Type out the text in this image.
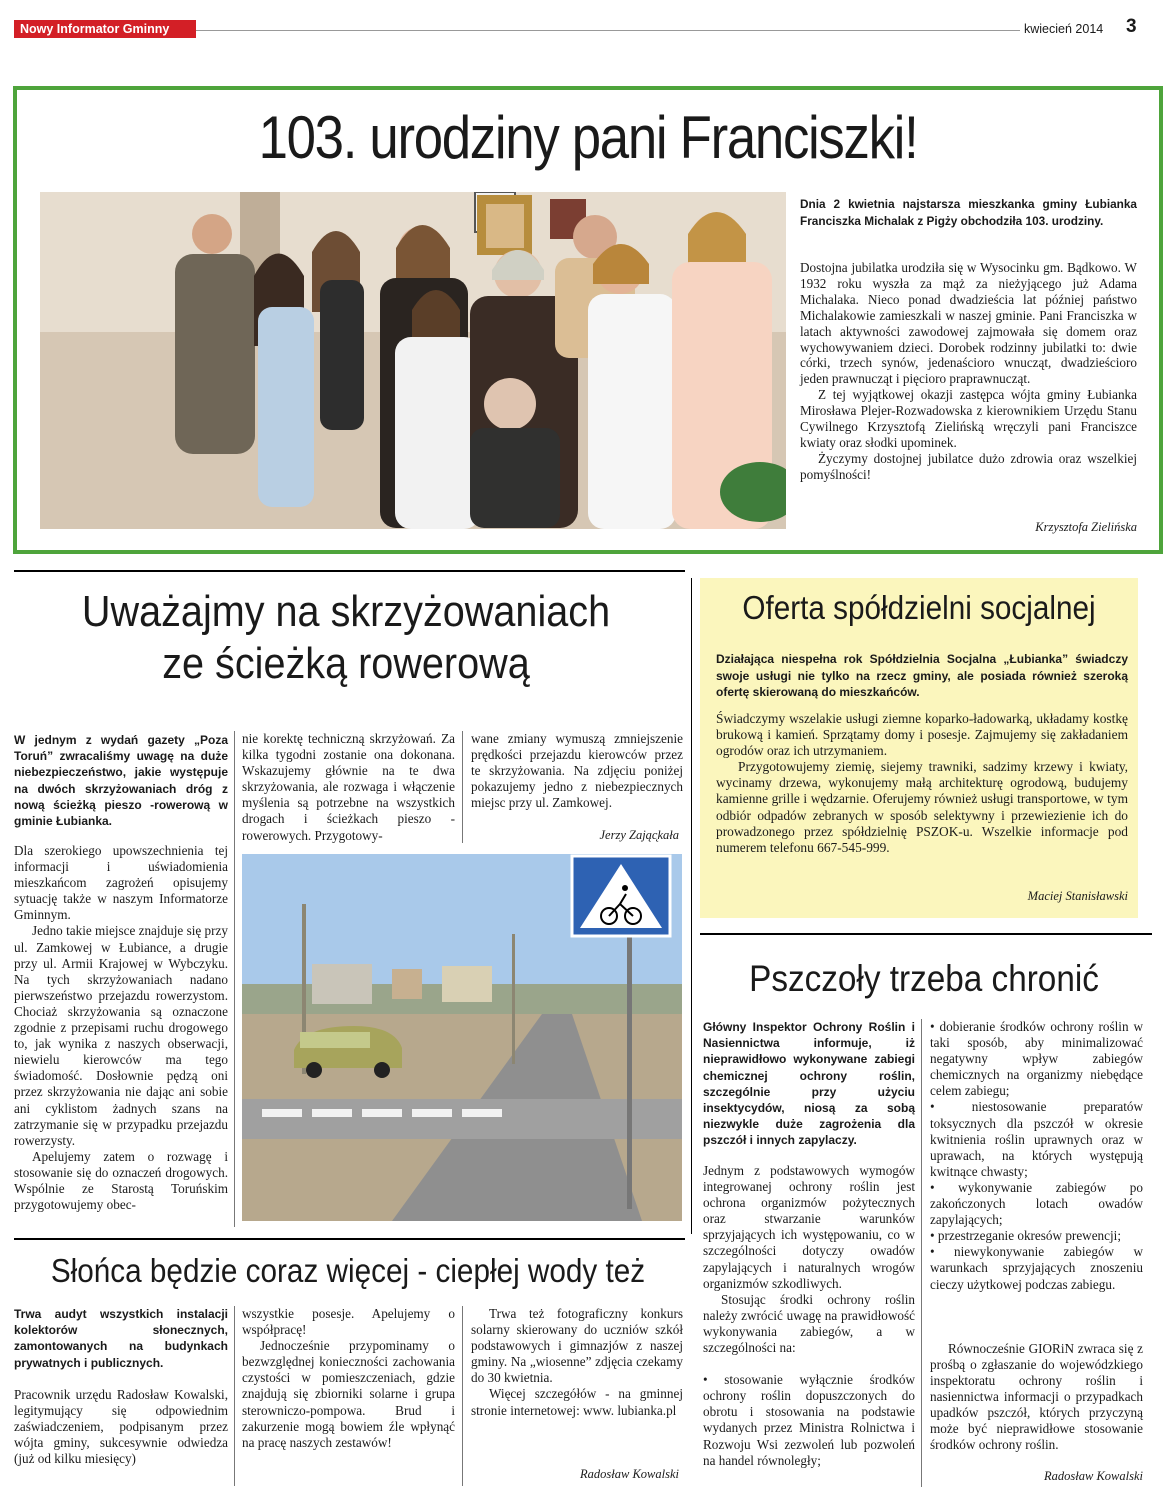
Nowy Informator Gminny	kwiecień 2014 3
103. urodziny pani Franciszki!
Dnia 2 kwietnia najstarsza mieszkanka gminy Łubianka Franciszka Michalak z Pigży obchodziła 103. urodziny.

Dostojna jubilatka urodziła się w Wysocinku gm. Bądkowo. W 1932 roku wyszła za mąż za nieżyjącego już Adama Michalaka. Nieco ponad dwadzieścia lat później państwo Michalakowie zamieszkali w naszej gminie. Pani Franciszka w latach aktywności zawodowej zajmowała się domem oraz wychowywaniem dzieci. Dorobek rodzinny jubilatki to: dwie córki, trzech synów, jedenaścioro wnucząt, dwadzieścioro jeden prawnucząt i pięcioro praprawnucząt.

Z tej wyjątkowej okazji zastępca wójta gminy Łubianka Mirosława Plejer-Rozwadowska z kierownikiem Urzędu Stanu Cywilnego Krzysztofą Zielińską wręczyli pani Franciszce kwiaty oraz słodki upominek.

Życzymy dostojnej jubilatce dużo zdrowia oraz wszelkiej pomyślności!

Krzysztofa Zielińska
Uważajmy na skrzyżowaniach
ze ścieżką rowerową
W jednym z wydań gazety „Poza Toruń” zwracaliśmy uwagę na duże niebezpieczeństwo, jakie występuje na dwóch skrzyżowaniach dróg z nową ścieżką pieszo -rowerową w gminie Łubianka.

Dla szerokiego upowszechnienia tej informacji i uświadomienia mieszkańcom zagrożeń opisujemy sytuację także w naszym Informatorze Gminnym.

Jedno takie miejsce znajduje się przy ul. Zamkowej w Łubiance, a drugie przy ul. Armii Krajowej w Wybczyku. Na tych skrzyżowaniach nadano pierwszeństwo przejazdu rowerzystom. Chociaż skrzyżowania są oznaczone zgodnie z przepisami ruchu drogowego to, jak wynika z naszych obserwacji, niewielu kierowców ma tego świadomość. Dosłownie pędzą oni przez skrzyżowania nie dając ani sobie ani cyklistom żadnych szans na zatrzymanie się w przypadku przejazdu rowerzysty.

Apelujemy zatem o rozwagę i stosowanie się do oznaczeń drogowych. Wspólnie ze Starostą Toruńskim przygotowujemy obec-

nie korektę techniczną skrzyżowań. Za kilka tygodni zostanie ona dokonana. Wskazujemy głównie na te dwa skrzyżowania, ale rozwaga i włączenie myślenia są potrzebne na wszystkich drogach i ścieżkach pieszo - rowerowych. Przygotowy-
wane zmiany wymuszą zmniejszenie prędkości przejazdu kierowców przez te skrzyżowania. Na zdjęciu poniżej pokazujemy jedno z niebezpiecznych miejsc przy ul. Zamkowej.
Jerzy Zając̨kała
Oferta spółdzielni socjalnej
Działająca niespełna rok Spółdzielnia Socjalna „Łubianka” świadczy swoje usługi nie tylko na rzecz gminy, ale posiada również szeroką ofertę skierowaną do mieszkańców.

Świadczymy wszelakie usługi ziemne koparko-ładowarką, układamy kostkę brukową i kamień. Sprzątamy domy i posesje. Zajmujemy się zakładaniem ogrodów oraz ich utrzymaniem.

Przygotowujemy ziemię, siejemy trawniki, sadzimy krzewy i kwiaty, wycinamy drzewa, wykonujemy małą architekturę ogrodową, budujemy kamienne grille i wędzarnie. Oferujemy również usługi transportowe, w tym odbiór odpadów zebranych w sposób selektywny i przewiezienie ich do prowadzonego przez spółdzielnię PSZOK-u. Wszelkie informacje pod numerem telefonu 667-545-999.

Maciej Stanisławski
Pszczoły trzeba chronić
Główny Inspektor Ochrony Roślin i Nasiennictwa informuje, iż nieprawidłowo wykonywane zabiegi chemicznej ochrony roślin, szczególnie przy użyciu insektycydów, niosą za sobą niezwykle duże zagrożenia dla pszczół i innych zapylaczy.

Jednym z podstawowych wymogów integrowanej ochrony roślin jest ochrona organizmów pożytecznych oraz stwarzanie warunków sprzyjających ich występowaniu, co w szczególności dotyczy owadów zapylających i naturalnych wrogów organizmów szkodliwych.

Stosując środki ochrony roślin należy zwrócić uwagę na prawidłowość wykonywania zabiegów, a w szczególności na:

• stosowanie wyłącznie środków ochrony roślin dopuszczonych do obrotu i stosowania na podstawie wydanych przez Ministra Rolnictwa i Rozwoju Wsi zezwoleń lub pozwoleń na handel równoległy;

• dobieranie środków ochrony roślin w taki sposób, aby minimalizować negatywny wpływ zabiegów chemicznych na organizmy niebędące celem zabiegu;

• niestosowanie preparatów toksycznych dla pszczół w okresie kwitnienia roślin uprawnych oraz w uprawach, na których występują kwitnące chwasty;

• wykonywanie zabiegów po zakończonych lotach owadów zapylających;

• przestrzeganie okresów prewencji;

• niewykonywanie zabiegów w warunkach sprzyjających znoszeniu cieczy użytkowej podczas zabiegu.

Równocześnie GIORiN zwraca się z prośbą o zgłaszanie do wojewódzkiego inspektoratu ochrony roślin i nasiennictwa informacji o przypadkach upadków pszczół, których przyczyną może być nieprawidłowe stosowanie środków ochrony roślin.

Radosław Kowalski
Słońca będzie coraz więcej - ciepłej wody też
Trwa audyt wszystkich instalacji kolektorów słonecznych, zamontowanych na budynkach prywatnych i publicznych.
Pracownik urzędu Radosław Kowalski, legitymujący się odpowiednim zaświadczeniem, podpisanym przez wójta gminy, sukcesywnie odwiedza (już od kilku miesięcy)

wszystkie posesje. Apelujemy o współpracę!

Jednocześnie przypominamy o bezwzględnej konieczności zachowania czystości w pomieszczeniach, gdzie znajdują się zbiorniki solarne i grupa sterowniczo-pompowa. Brud i zakurzenie mogą bowiem źle wpłynąć na pracę naszych zestawów!

Trwa też fotograficzny konkurs solarny skierowany do uczniów szkół podstawowych i gimnazjów z naszej gminy. Na „wiosenne” zdjęcia czekamy do 30 kwietnia.

Więcej szczegółów - na gminnej stronie internetowej: www. lubianka.pl

Radosław Kowalski
